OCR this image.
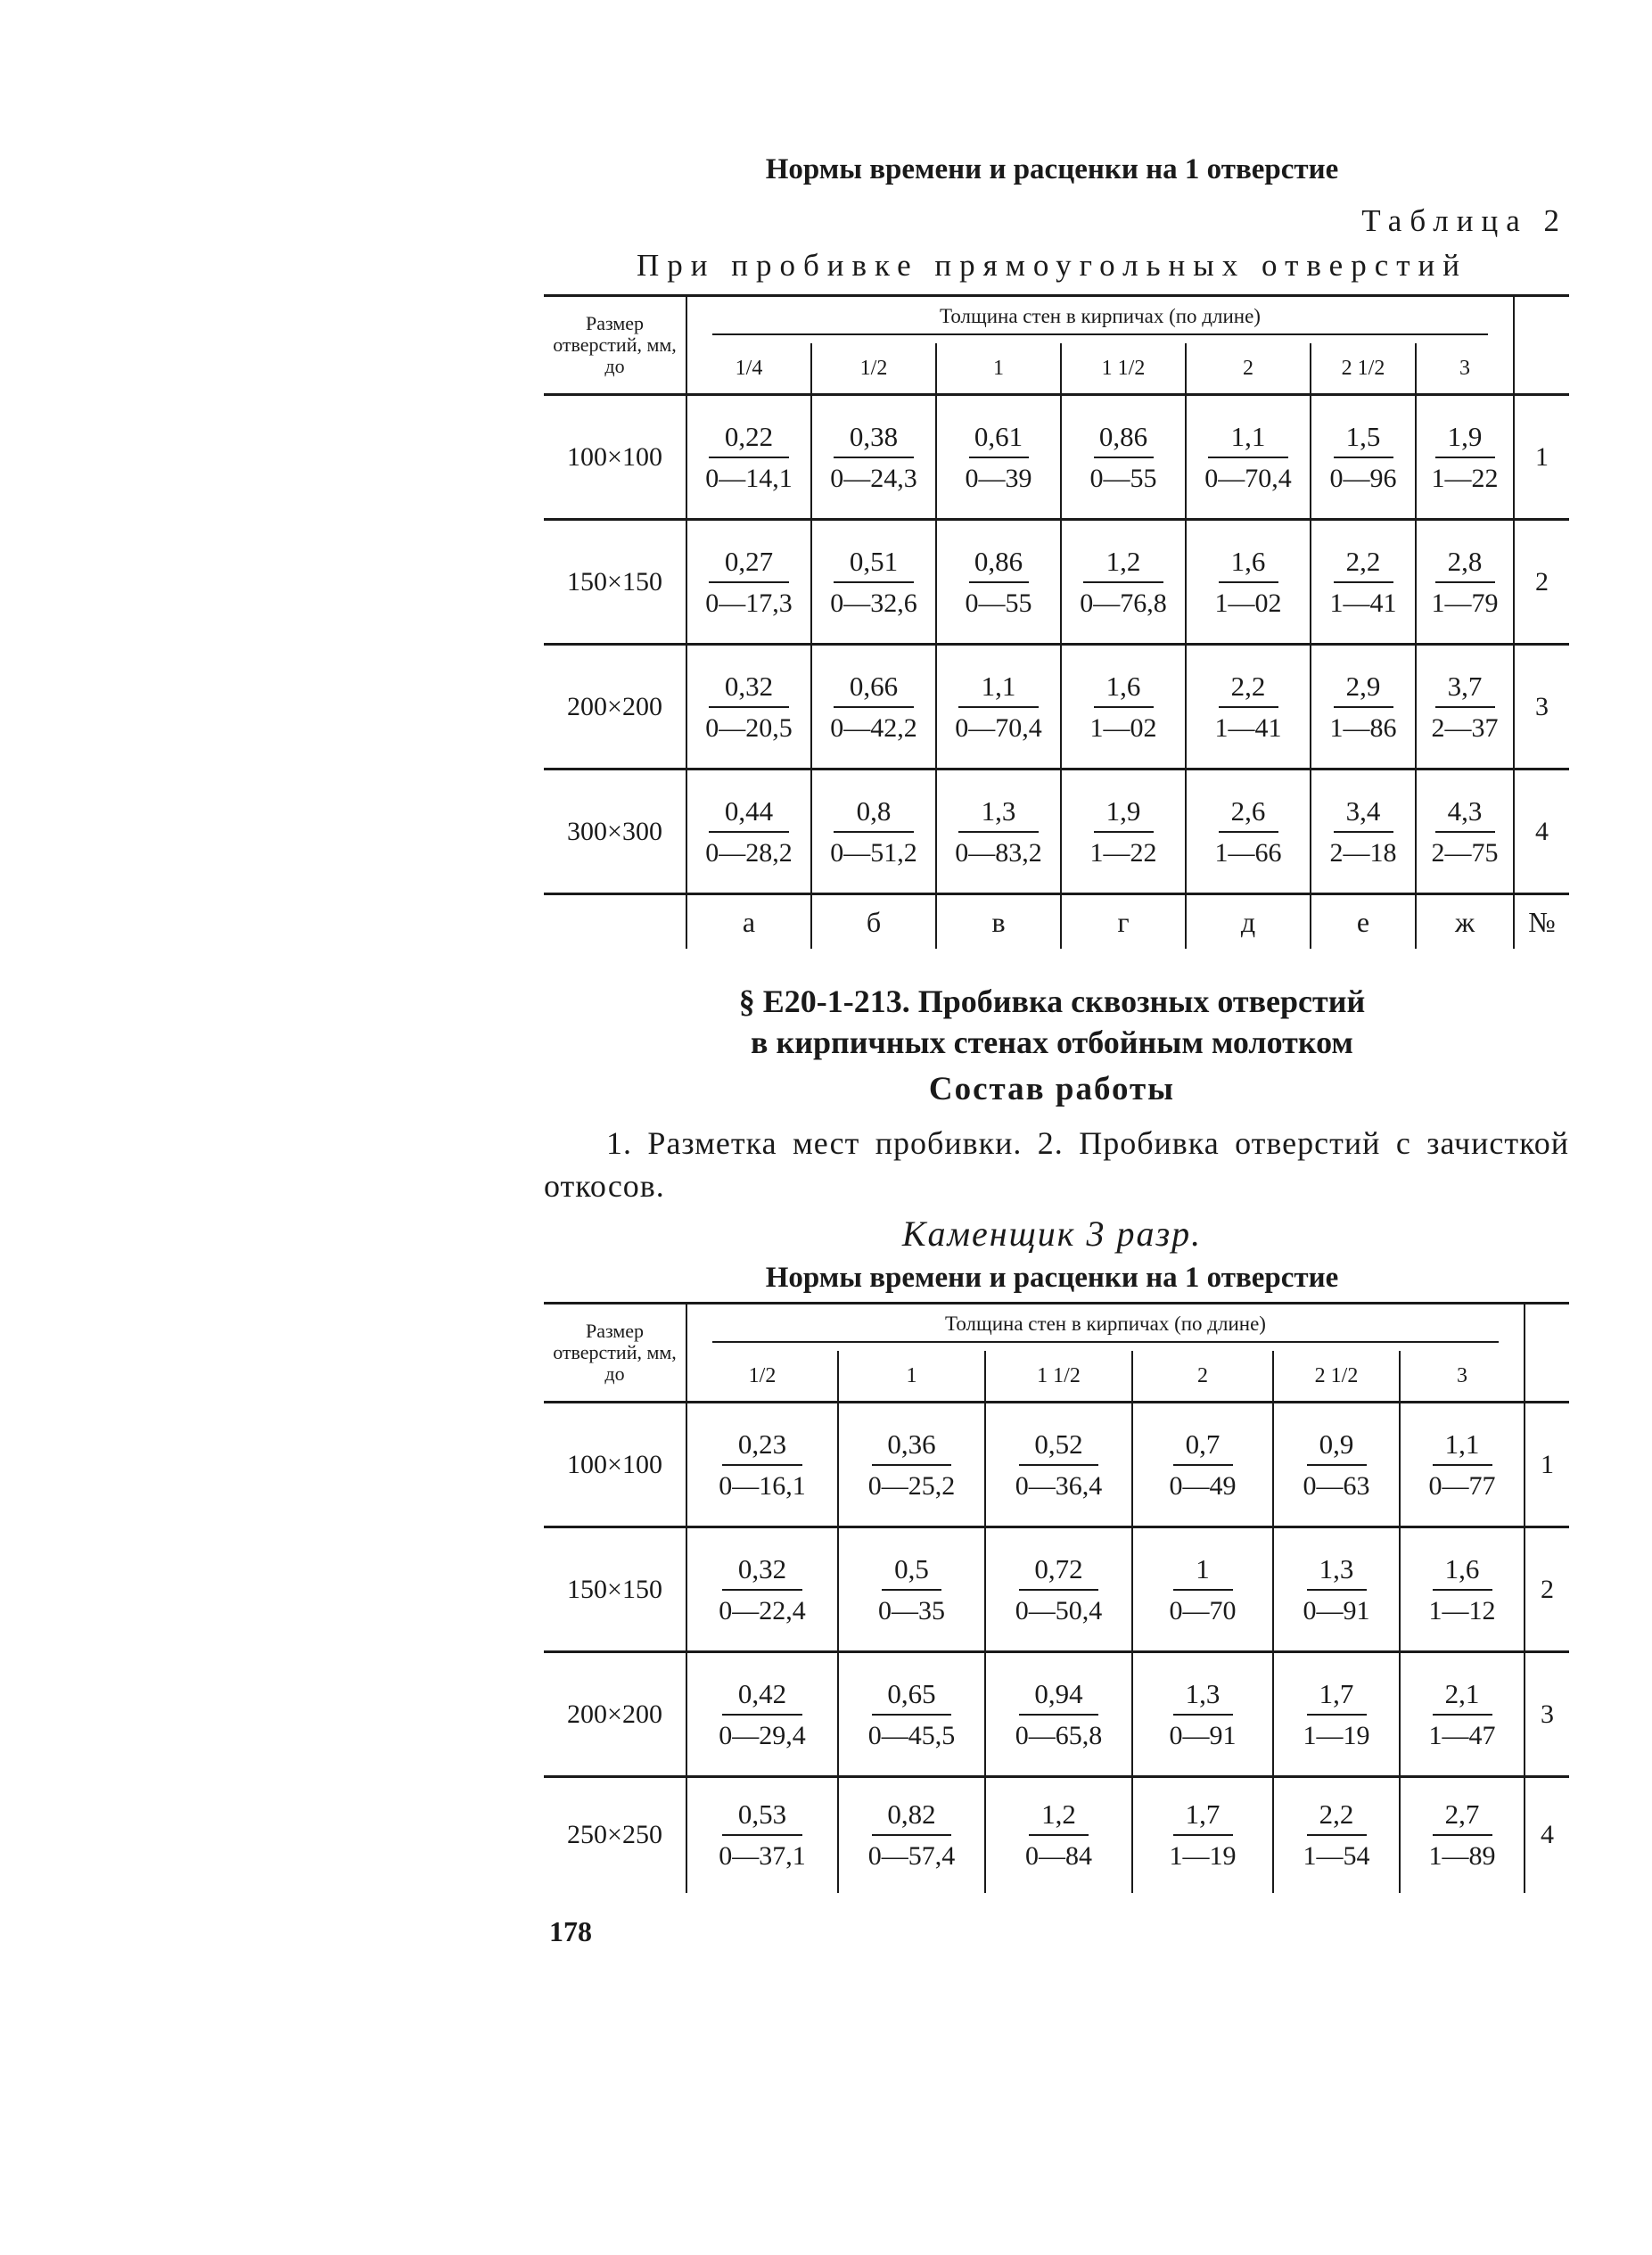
Нормы времени и расценки на 1 отверстие
Таблица 2
При пробивке прямоугольных отверстий
Размер отверстий, мм, до	Толщина стен в кирпичах (по длине)							
	1/4	1/2	1	1 1/2	2	2 1/2	3	
100×100	$\frac{0,22}{0—14,1}$	$\frac{0,38}{0—24,3}$	$\frac{0,61}{0—39}$	$\frac{0,86}{0—55}$	$\frac{1,1}{0—70,4}$	$\frac{1,5}{0—96}$	$\frac{1,9}{1—22}$	1
150×150	$\frac{0,27}{0—17,3}$	$\frac{0,51}{0—32,6}$	$\frac{0,86}{0—55}$	$\frac{1,2}{0—76,8}$	$\frac{1,6}{1—02}$	$\frac{2,2}{1—41}$	$\frac{2,8}{1—79}$	2
200×200	$\frac{0,32}{0—20,5}$	$\frac{0,66}{0—42,2}$	$\frac{1,1}{0—70,4}$	$\frac{1,6}{1—02}$	$\frac{2,2}{1—41}$	$\frac{2,9}{1—86}$	$\frac{3,7}{2—37}$	3
300×300	$\frac{0,44}{0—28,2}$	$\frac{0,8}{0—51,2}$	$\frac{1,3}{0—83,2}$	$\frac{1,9}{1—22}$	$\frac{2,6}{1—66}$	$\frac{3,4}{2—18}$	$\frac{4,3}{2—75}$	4
	а	б	в	г	д	е	ж	№
§ Е20-1-213. Пробивка сквозных отверстий
в кирпичных стенах отбойным молотком
Состав работы
1. Разметка мест пробивки. 2. Пробивка отверстий с зачисткой откосов.
Каменщик 3 разр.
Нормы времени и расценки на 1 отверстие
Размер отверстий, мм, до	Толщина стен в кирпичах (по длине)						
	1/2	1	1 1/2	2	2 1/2	3	
100×100	$\frac{0,23}{0—16,1}$	$\frac{0,36}{0—25,2}$	$\frac{0,52}{0—36,4}$	$\frac{0,7}{0—49}$	$\frac{0,9}{0—63}$	$\frac{1,1}{0—77}$	1
150×150	$\frac{0,32}{0—22,4}$	$\frac{0,5}{0—35}$	$\frac{0,72}{0—50,4}$	$\frac{1}{0—70}$	$\frac{1,3}{0—91}$	$\frac{1,6}{1—12}$	2
200×200	$\frac{0,42}{0—29,4}$	$\frac{0,65}{0—45,5}$	$\frac{0,94}{0—65,8}$	$\frac{1,3}{0—91}$	$\frac{1,7}{1—19}$	$\frac{2,1}{1—47}$	3
250×250	$\frac{0,53}{0—37,1}$	$\frac{0,82}{0—57,4}$	$\frac{1,2}{0—84}$	$\frac{1,7}{1—19}$	$\frac{2,2}{1—54}$	$\frac{2,7}{1—89}$	4
178
